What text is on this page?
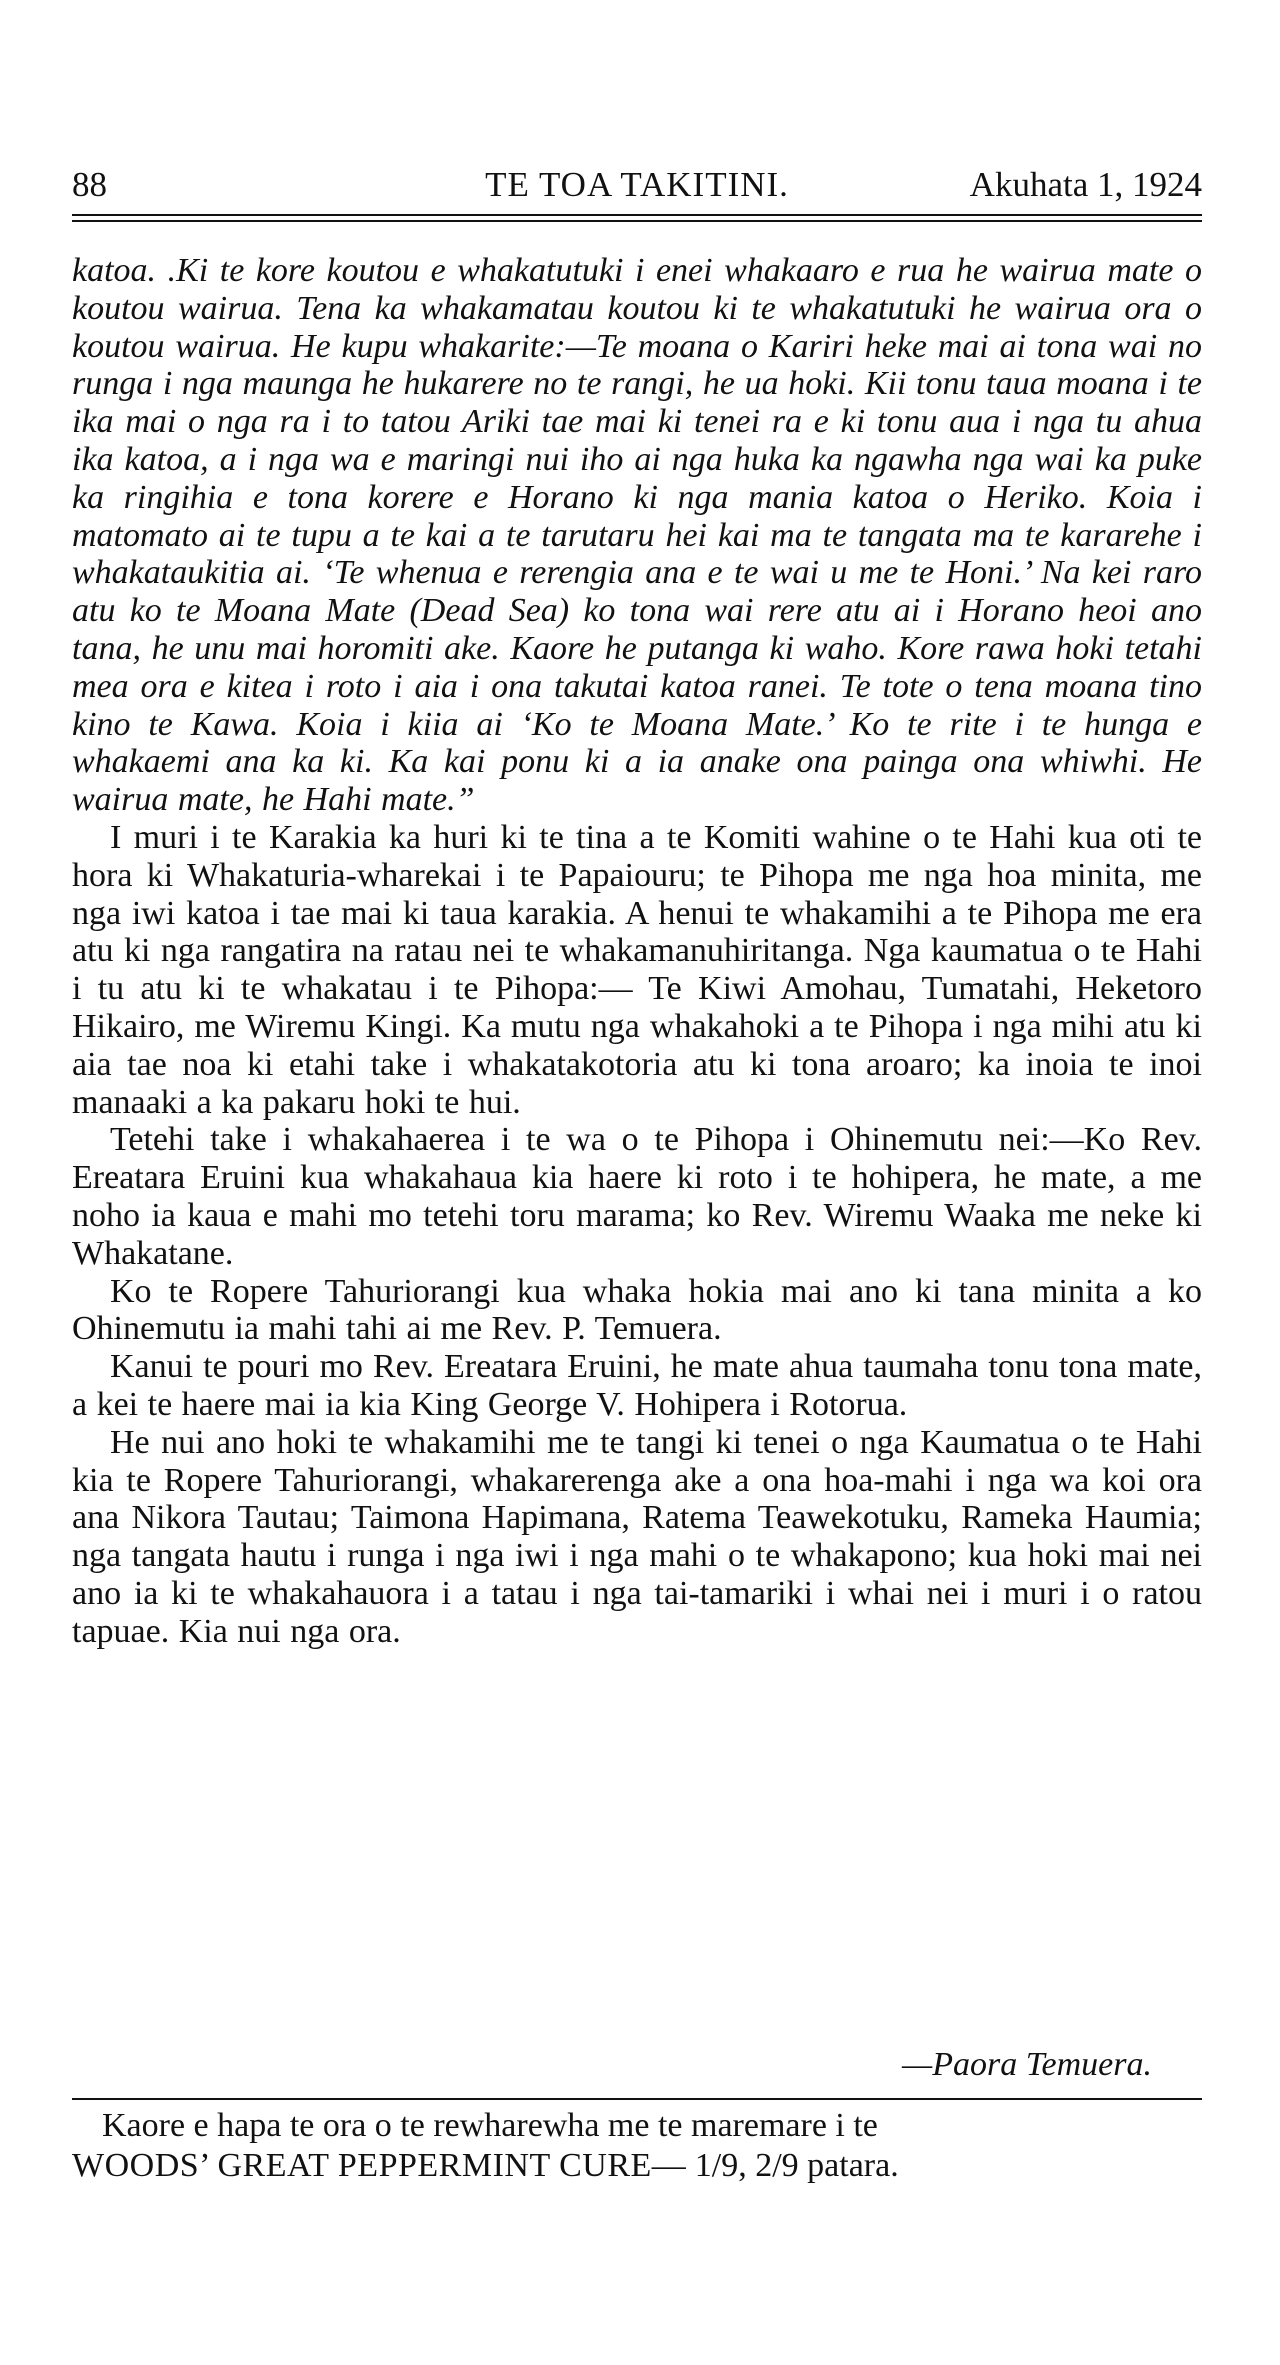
88	TE TOA TAKITINI.	Akuhata 1, 1924

katoa. .Ki te kore koutou e whakatutuki i enei whakaaro e rua he wairua mate o koutou wairua. Tena ka whakamatau koutou ki te whakatutuki he wairua ora o koutou wairua. He kupu whakarite:—Te moana o Kariri heke mai ai tona wai no runga i nga maunga he hukarere no te rangi, he ua hoki. Kii tonu taua moana i te ika mai o nga ra i to tatou Ariki tae mai ki tenei ra e ki tonu aua i nga tu ahua ika katoa, a i nga wa e maringi nui iho ai nga huka ka ngawha nga wai ka puke ka ringihia e tona korere e Horano ki nga mania katoa o Heriko. Koia i matomato ai te tupu a te kai a te tarutaru hei kai ma te tangata ma te kararehe i whakataukitia ai. ‘Te whenua e rerengia ana e te wai u me te Honi.’ Na kei raro atu ko te Moana Mate (Dead Sea) ko tona wai rere atu ai i Horano heoi ano tana, he unu mai horomiti ake. Kaore he putanga ki waho. Kore rawa hoki tetahi mea ora e kitea i roto i aia i ona takutai katoa ranei. Te tote o tena moana tino kino te Kawa. Koia i kiia ai ‘Ko te Moana Mate.’ Ko te rite i te hunga e whakaemi ana ka ki. Ka kai ponu ki a ia anake ona painga ona whiwhi. He wairua mate, he Hahi mate.”

I muri i te Karakia ka huri ki te tina a te Komiti wahine o te Hahi kua oti te hora ki Whakaturia-wharekai i te Papaiouru; te Pihopa me nga hoa minita, me nga iwi katoa i tae mai ki taua karakia. A henui te whakamihi a te Pihopa me era atu ki nga rangatira na ratau nei te whakamanuhiritanga. Nga kaumatua o te Hahi i tu atu ki te whakatau i te Pihopa:— Te Kiwi Amohau, Tumatahi, Heketoro Hikairo, me Wiremu Kingi. Ka mutu nga whakahoki a te Pihopa i nga mihi atu ki aia tae noa ki etahi take i whakatakotoria atu ki tona aroaro; ka inoia te inoi manaaki a ka pakaru hoki te hui.

Tetehi take i whakahaerea i te wa o te Pihopa i Ohinemutu nei:—Ko Rev. Ereatara Eruini kua whakahaua kia haere ki roto i te hohipera, he mate, a me noho ia kaua e mahi mo tetehi toru marama; ko Rev. Wiremu Waaka me neke ki Whakatane.

Ko te Ropere Tahuriorangi kua whaka hokia mai ano ki tana minita a ko Ohinemutu ia mahi tahi ai me Rev. P. Temuera.

Kanui te pouri mo Rev. Ereatara Eruini, he mate ahua taumaha tonu tona mate, a kei te haere mai ia kia King George V. Hohipera i Rotorua.

He nui ano hoki te whakamihi me te tangi ki tenei o nga Kaumatua o te Hahi kia te Ropere Tahuriorangi, whakarerenga ake a ona hoa-mahi i nga wa koi ora ana Nikora Tautau; Taimona Hapimana, Ratema Teawekotuku, Rameka Haumia; nga tangata hautu i runga i nga iwi i nga mahi o te whakapono; kua hoki mai nei ano ia ki te whakahauora i a tatau i nga tai-tamariki i whai nei i muri i o ratou tapuae. Kia nui nga ora.

—Paora Temuera.
Kaore e hapa te ora o te rewharewha me te maremare i te
WOODS’ GREAT PEPPERMINT CURE— 1/9, 2/9 patara.
